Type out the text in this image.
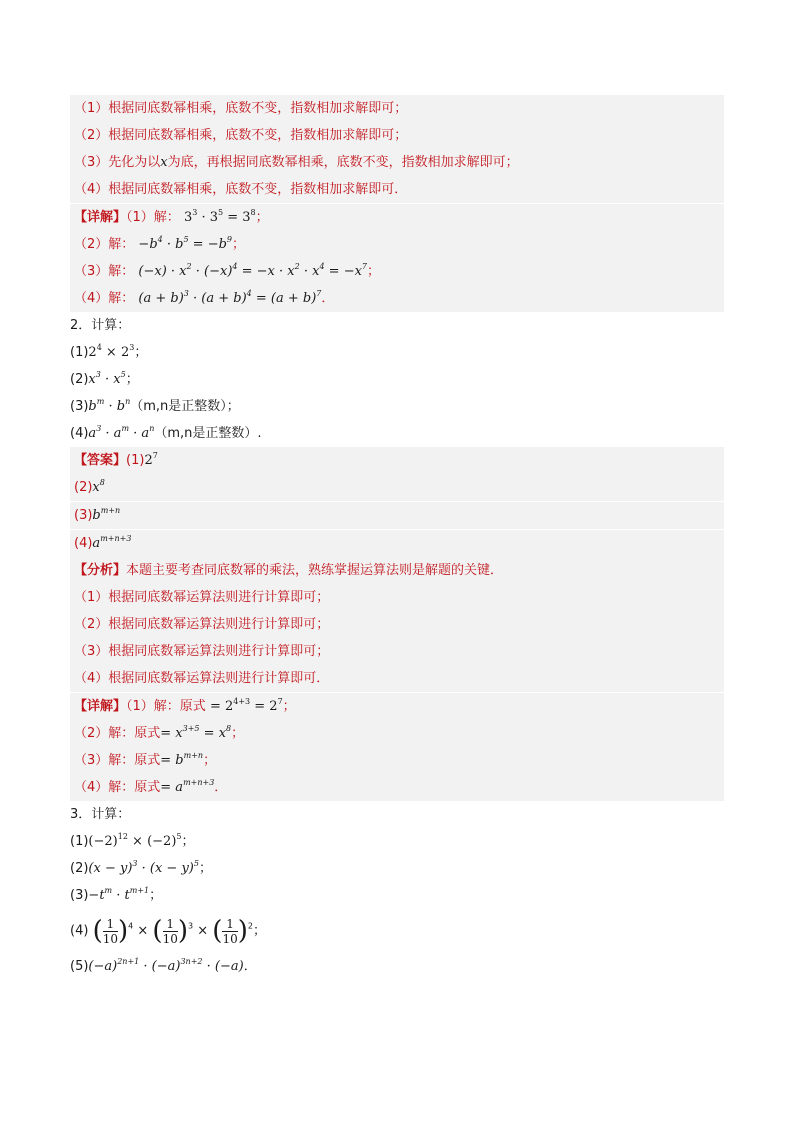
（1）根据同底数幂相乘，底数不变，指数相加求解即可；
（2）根据同底数幂相乘，底数不变，指数相加求解即可；
（3）先化为以x为底，再根据同底数幂相乘，底数不变，指数相加求解即可；
（4）根据同底数幂相乘，底数不变，指数相加求解即可．
【详解】（1）解： $3^3 \cdot 3^5 = 3^8$；
（2）解： $-b^4 \cdot b^5 = -b^9$；
（3）解： $(-x) \cdot x^2 \cdot (-x)^4 = -x \cdot x^2 \cdot x^4 = -x^7$；
（4）解： $(a + b)^3 \cdot (a + b)^4 = (a + b)^7$．
2．计算：
$(1)2^4 \times 2^3$；
$(2)x^3 \cdot x^5$；
$(3)b^m \cdot b^n(m,n$是正整数）；
$(4)a^3 \cdot a^m \cdot a^n(m,n$是正整数）.
【答案】$(1)2^7$
$(2)x^8$
$(3)b^{m+n}$
$(4)a^{m+n+3}$
【分析】本题主要考查同底数幂的乘法，熟练掌握运算法则是解题的关键．
（1）根据同底数幂运算法则进行计算即可；
（2）根据同底数幂运算法则进行计算即可；
（3）根据同底数幂运算法则进行计算即可；
（4）根据同底数幂运算法则进行计算即可．
【详解】（1）解：原式 = $2^{4+3} = 2^7$；
（2）解：原式= $x^{3+5} = x^8$；
（3）解：原式= $b^{m+n}$；
（4）解：原式= $a^{m+n+3}$．
3．计算：
$(1)(-2)^{12} \times (-2)^5$；
$(2)(x - y)^3 \cdot (x - y)^5$；
$(3)-t^m \cdot t^{m+1}$；
(4) ( $\frac{1}{10} )^4$ × ( $\frac{1}{10} )^3$ × ( $\frac{1}{10} )^2$；
$(5)(-a)^{2n+1} \cdot (-a)^{3n+2} \cdot (-a)$．
